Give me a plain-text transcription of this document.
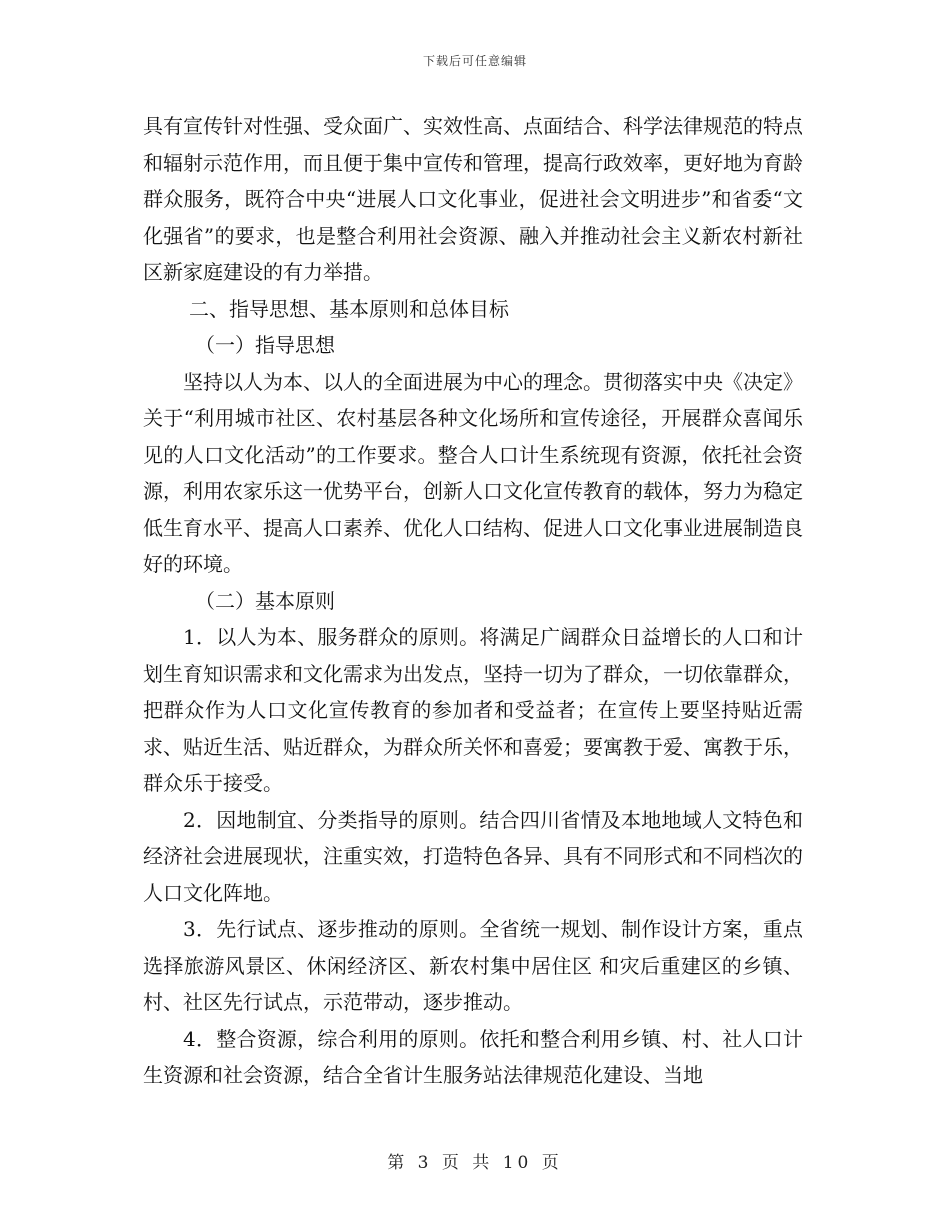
下载后可任意编辑

具有宣传针对性强、受众面广、实效性高、点面结合、科学法律规范的特点和辐射示范作用，而且便于集中宣传和管理，提高行政效率，更好地为育龄群众服务，既符合中央“进展人口文化事业，促进社会文明进步”和省委“文化强省”的要求，也是整合利用社会资源、融入并推动社会主义新农村新社区新家庭建设的有力举措。

二、指导思想、基本原则和总体目标

（一）指导思想

坚持以人为本、以人的全面进展为中心的理念。贯彻落实中央《决定》关于“利用城市社区、农村基层各种文化场所和宣传途径，开展群众喜闻乐见的人口文化活动”的工作要求。整合人口计生系统现有资源，依托社会资源，利用农家乐这一优势平台，创新人口文化宣传教育的载体，努力为稳定低生育水平、提高人口素养、优化人口结构、促进人口文化事业进展制造良好的环境。

（二）基本原则

1．以人为本、服务群众的原则。将满足广阔群众日益增长的人口和计划生育知识需求和文化需求为出发点，坚持一切为了群众，一切依靠群众，把群众作为人口文化宣传教育的参加者和受益者；在宣传上要坚持贴近需求、贴近生活、贴近群众，为群众所关怀和喜爱；要寓教于爱、寓教于乐，群众乐于接受。

2．因地制宜、分类指导的原则。结合四川省情及本地地域人文特色和经济社会进展现状，注重实效，打造特色各异、具有不同形式和不同档次的人口文化阵地。

3．先行试点、逐步推动的原则。全省统一规划、制作设计方案，重点选择旅游风景区、休闲经济区、新农村集中居住区 和灾后重建区的乡镇、村、社区先行试点，示范带动，逐步推动。

4．整合资源，综合利用的原则。依托和整合利用乡镇、村、社人口计生资源和社会资源，结合全省计生服务站法律规范化建设、当地

第 3 页 共 10 页
